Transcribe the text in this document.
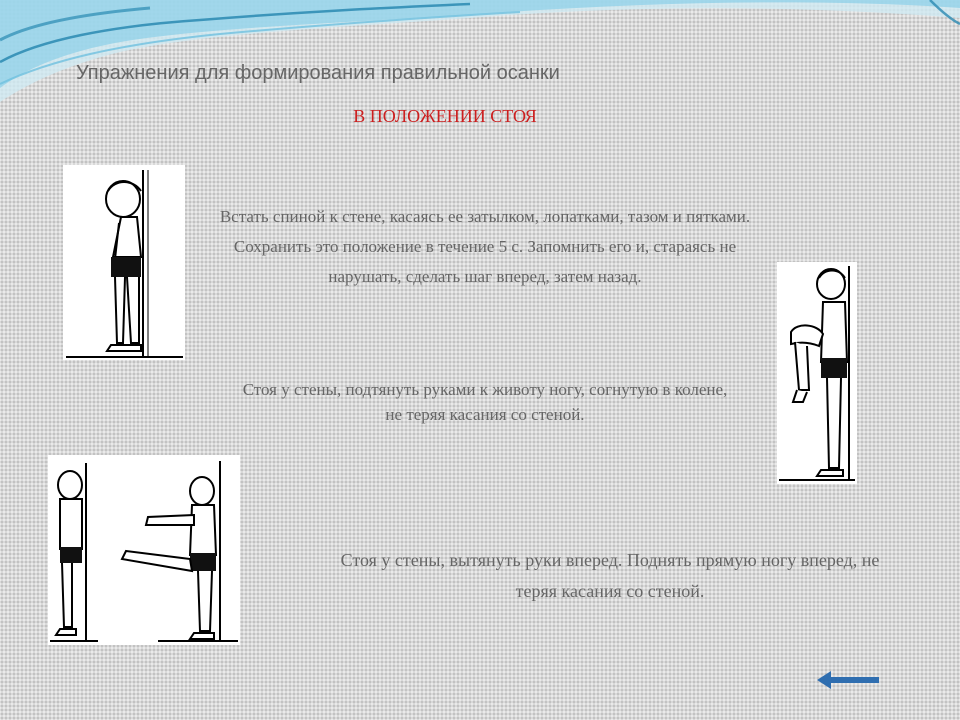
Упражнения для формирования правильной осанки
В ПОЛОЖЕНИИ СТОЯ

Встать спиной к стене, касаясь ее затылком, лопатками, тазом и пятками. Сохранить это положение в течение 5 с. Запомнить его и, стараясь не нарушать, сделать шаг вперед, затем назад.

Стоя у стены, подтянуть руками к животу ногу, согнутую в колене, не теряя касания со стеной.

Стоя у стены, вытянуть руки вперед. Поднять прямую ногу вперед, не теряя касания со стеной.
